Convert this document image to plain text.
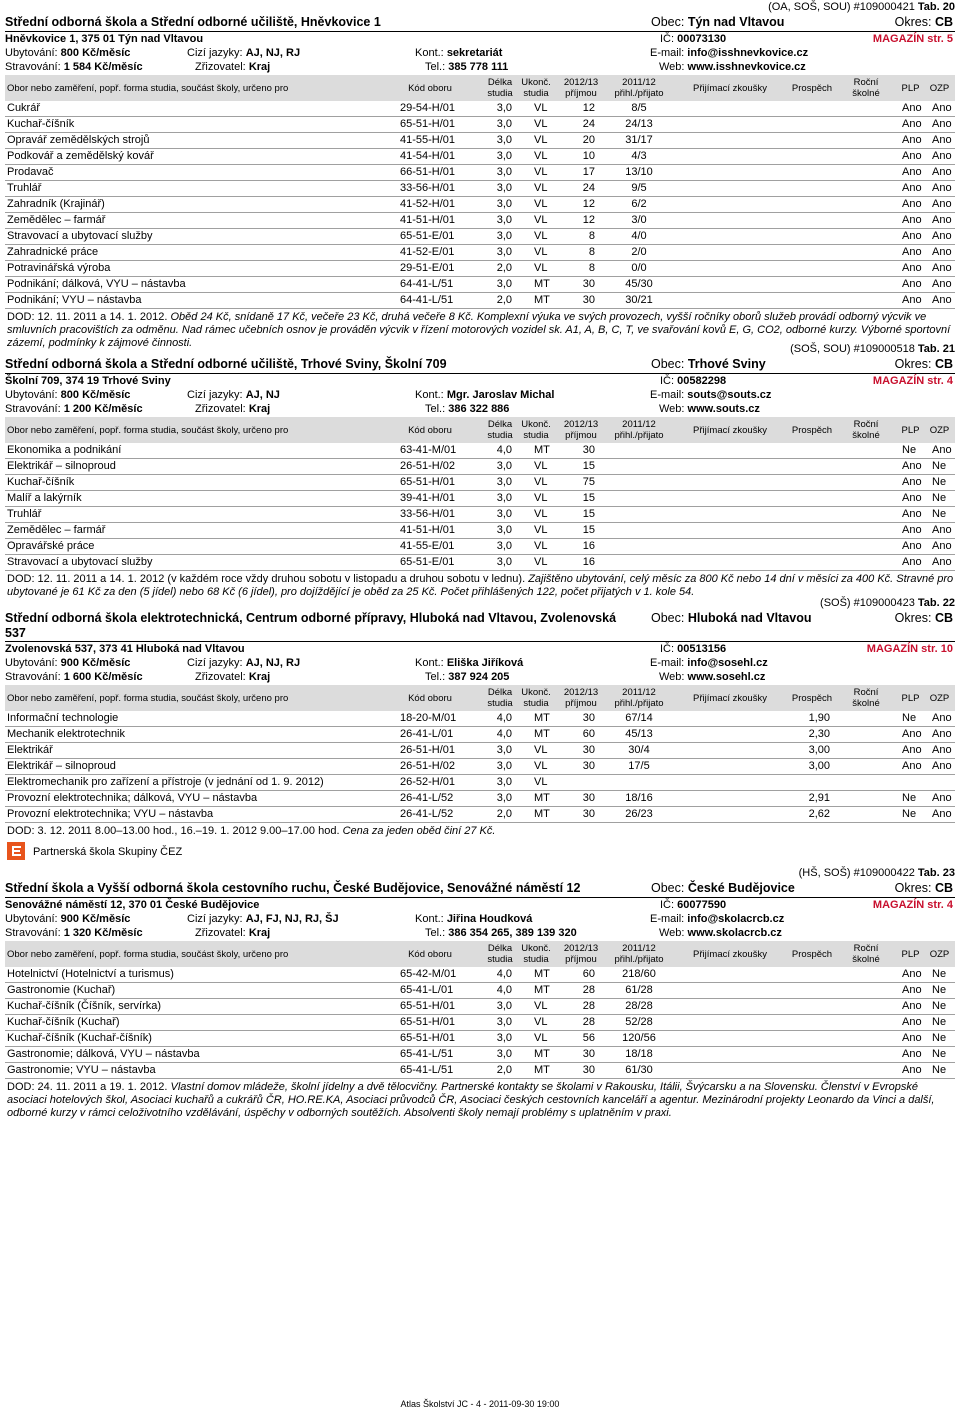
(OA, SOŠ, SOU) #109000421 Tab. 20
Střední odborná škola a Střední odborné učiliště, Hněvkovice 1	Obec: Týn nad Vltavou	Okres: CB
Hněvkovice 1, 375 01 Týn nad Vltavou	IČ: 00073130	MAGAZÍN str. 5
Ubytování: 800 Kč/měsíc	Cizí jazyky: AJ, NJ, RJ	Kont.: sekretariát	E-mail: info@isshnevkovice.cz
Stravování: 1 584 Kč/měsíc	Zřizovatel: Kraj	Tel.: 385 778 111	Web: www.isshnevkovice.cz
Obor nebo zaměření, popř. forma studia, součást školy, určeno pro	Kód oboru
Délka
studia
Ukonč.
studia
2012/13
příjmou
2011/12
přihl./přijato	Přijímací zkoušky	Prospěch
Roční
školné	PLP	OZP
Cukrář	29-54-H/01	3,0 VL	12	8/5	Ano Ano
Kuchař-číšník	65-51-H/01	3,0 VL	24	24/13	Ano Ano
Opravář zemědělských strojů	41-55-H/01	3,0 VL	20	31/17	Ano Ano
Podkovář a zemědělský kovář	41-54-H/01	3,0 VL	10	4/3	Ano Ano
Prodavač	66-51-H/01	3,0 VL	17	13/10	Ano Ano
Truhlář	33-56-H/01	3,0 VL	24	9/5	Ano Ano
Zahradník (Krajinář)	41-52-H/01	3,0 VL	12	6/2	Ano Ano
Zemědělec – farmář	41-51-H/01	3,0 VL	12	3/0	Ano Ano
Stravovací a ubytovací služby	65-51-E/01	3,0 VL	8	4/0	Ano Ano
Zahradnické práce	41-52-E/01	3,0 VL	8	2/0	Ano Ano
Potravinářská výroba	29-51-E/01	2,0 VL	8	0/0	Ano Ano
Podnikání; dálková, VYU – nástavba	64-41-L/51	3,0 MT	30	45/30	Ano Ano
Podnikání; VYU – nástavba	64-41-L/51	2,0 MT	30	30/21	Ano Ano
DOD: 12. 11. 2011 a 14. 1. 2012. Oběd 24 Kč, snídaně 17 Kč, večeře 23 Kč, druhá večeře 8 Kč. Komplexní výuka ve svých provozech, vyšší ročníky oborů služeb provádí odborný výcvik ve smluvních pracovištích za odměnu. Nad rámec učebních osnov je prováděn výcvik v řízení motorových vozidel sk. A1, A, B, C, T, ve svařování kovů E, G, CO2, odborné kurzy. Výborné sportovní zázemí, podmínky k zájmové činnosti.	(SOŠ, SOU) #109000518 Tab. 21
Střední odborná škola a Střední odborné učiliště, Trhové Sviny, Školní 709	Obec: Trhové Sviny	Okres: CB
Školní 709, 374 19 Trhové Sviny	IČ: 00582298	MAGAZÍN str. 4
Ubytování: 800 Kč/měsíc	Cizí jazyky: AJ, NJ	Kont.: Mgr. Jaroslav Michal	E-mail: souts@souts.cz
Stravování: 1 200 Kč/měsíc	Zřizovatel: Kraj	Tel.: 386 322 886	Web: www.souts.cz
Obor nebo zaměření, popř. forma studia, součást školy, určeno pro	Kód oboru
Délka
studia
Ukonč.
studia
2012/13
příjmou
2011/12
přihl./přijato	Přijímací zkoušky	Prospěch
Roční
školné	PLP	OZP
Ekonomika a podnikání	63-41-M/01	4,0 MT	30	Ne	Ano
Elektrikář – silnoproud	26-51-H/02	3,0 VL	15	Ano Ne
Kuchař-číšník	65-51-H/01	3,0 VL	75	Ano Ne
Malíř a lakýrník	39-41-H/01	3,0 VL	15	Ano Ne
Truhlář	33-56-H/01	3,0 VL	15	Ano Ne
Zemědělec – farmář	41-51-H/01	3,0 VL	15	Ano Ano
Opravářské práce	41-55-E/01	3,0 VL	16	Ano Ano
Stravovací a ubytovací služby	65-51-E/01	3,0 VL	16	Ano Ano
DOD: 12. 11. 2011 a 14. 1. 2012 (v každém roce vždy druhou sobotu v listopadu a druhou sobotu v lednu). Zajištěno ubytování, celý měsíc za 800 Kč nebo 14 dní v měsíci za 400 Kč. Stravné pro ubytované je 61 Kč za den (5 jídel) nebo 68 Kč (6 jídel), pro dojíždějící je oběd za 25 Kč. Počet přihlášených 122, počet přijatých v 1. kole 54.
(SOŠ) #109000423 Tab. 22
Střední odborná škola elektrotechnická, Centrum odborné přípravy, Hluboká nad Vltavou, Zvolenovská 537
Obec: Hluboká nad Vltavou	Okres: CB
Zvolenovská 537, 373 41 Hluboká nad Vltavou	IČ: 00513156	MAGAZÍN str. 10
Ubytování: 900 Kč/měsíc	Cizí jazyky: AJ, NJ, RJ	Kont.: Eliška Jiříková	E-mail: info@sosehl.cz
Stravování: 1 600 Kč/měsíc	Zřizovatel: Kraj	Tel.: 387 924 205	Web: www.sosehl.cz
Obor nebo zaměření, popř. forma studia, součást školy, určeno pro	Kód oboru
Délka
studia
Ukonč.
studia
2012/13
příjmou
2011/12
přihl./přijato	Přijímací zkoušky	Prospěch
Roční
školné	PLP	OZP
Informační technologie	18-20-M/01	4,0 MT	30	67/14	1,90	Ne	Ano
Mechanik elektrotechnik	26-41-L/01	4,0 MT	60	45/13	2,30	Ano Ano
Elektrikář	26-51-H/01	3,0 VL	30	30/4	3,00	Ano Ano
Elektrikář – silnoproud	26-51-H/02	3,0 VL	30	17/5	3,00	Ano Ano
Elektromechanik pro zařízení a přístroje (v jednání od 1. 9. 2012)	26-52-H/01	3,0 VL
Provozní elektrotechnika; dálková, VYU – nástavba	26-41-L/52	3,0 MT	30	18/16	2,91	Ne	Ano
Provozní elektrotechnika; VYU – nástavba	26-41-L/52	2,0 MT	30	26/23	2,62	Ne	Ano
DOD: 3. 12. 2011 8.00–13.00 hod., 16.–19. 1. 2012 9.00–17.00 hod. Cena za jeden oběd činí 27 Kč.
Partnerská škola Skupiny ČEZ
(HŠ, SOŠ) #109000422 Tab. 23
Střední škola a Vyšší odborná škola cestovního ruchu, České Budějovice, Senovážné náměstí 12	Obec: České Budějovice	Okres: CB
Senovážné náměstí 12, 370 01 České Budějovice	IČ: 60077590	MAGAZÍN str. 4
Ubytování: 900 Kč/měsíc	Cizí jazyky: AJ, FJ, NJ, RJ, ŠJ	Kont.: Jiřina Houdková	E-mail: info@skolacrcb.cz
Stravování: 1 320 Kč/měsíc	Zřizovatel: Kraj	Tel.: 386 354 265, 389 139 320	Web: www.skolacrcb.cz
Obor nebo zaměření, popř. forma studia, součást školy, určeno pro	Kód oboru
Délka
studia
Ukonč.
studia
2012/13
příjmou
2011/12
přihl./přijato	Přijímací zkoušky	Prospěch
Roční
školné	PLP	OZP
Hotelnictví (Hotelnictví a turismus)	65-42-M/01	4,0 MT	60	218/60	Ano Ne
Gastronomie (Kuchař)	65-41-L/01	4,0 MT	28	61/28	Ano Ne
Kuchař-číšník (Číšník, servírka)	65-51-H/01	3,0 VL	28	28/28	Ano Ne
Kuchař-číšník (Kuchař)	65-51-H/01	3,0 VL	28	52/28	Ano Ne
Kuchař-číšník (Kuchař-číšník)	65-51-H/01	3,0 VL	56	120/56	Ano Ne
Gastronomie; dálková, VYU – nástavba	65-41-L/51	3,0 MT	30	18/18	Ano Ne
Gastronomie; VYU – nástavba	65-41-L/51	2,0 MT	30	61/30	Ano Ne
DOD: 24. 11. 2011 a 19. 1. 2012. Vlastní domov mládeže, školní jídelny a dvě tělocvičny. Partnerské kontakty se školami v Rakousku, Itálii, Švýcarsku a na Slovensku. Členství v Evropské asociaci hotelových škol, Asociaci kuchařů a cukrářů ČR, HO.RE.KA, Asociaci průvodců ČR, Asociaci českých cestovních kanceláří a agentur. Mezinárodní projekty Leonardo da Vinci a další, odborné kurzy v rámci celoživotního vzdělávání, úspěchy v odborných soutěžích. Absolventi školy nemají problémy s uplatněním v praxi.
Atlas Školství JC - 4 - 2011-09-30 19:00
